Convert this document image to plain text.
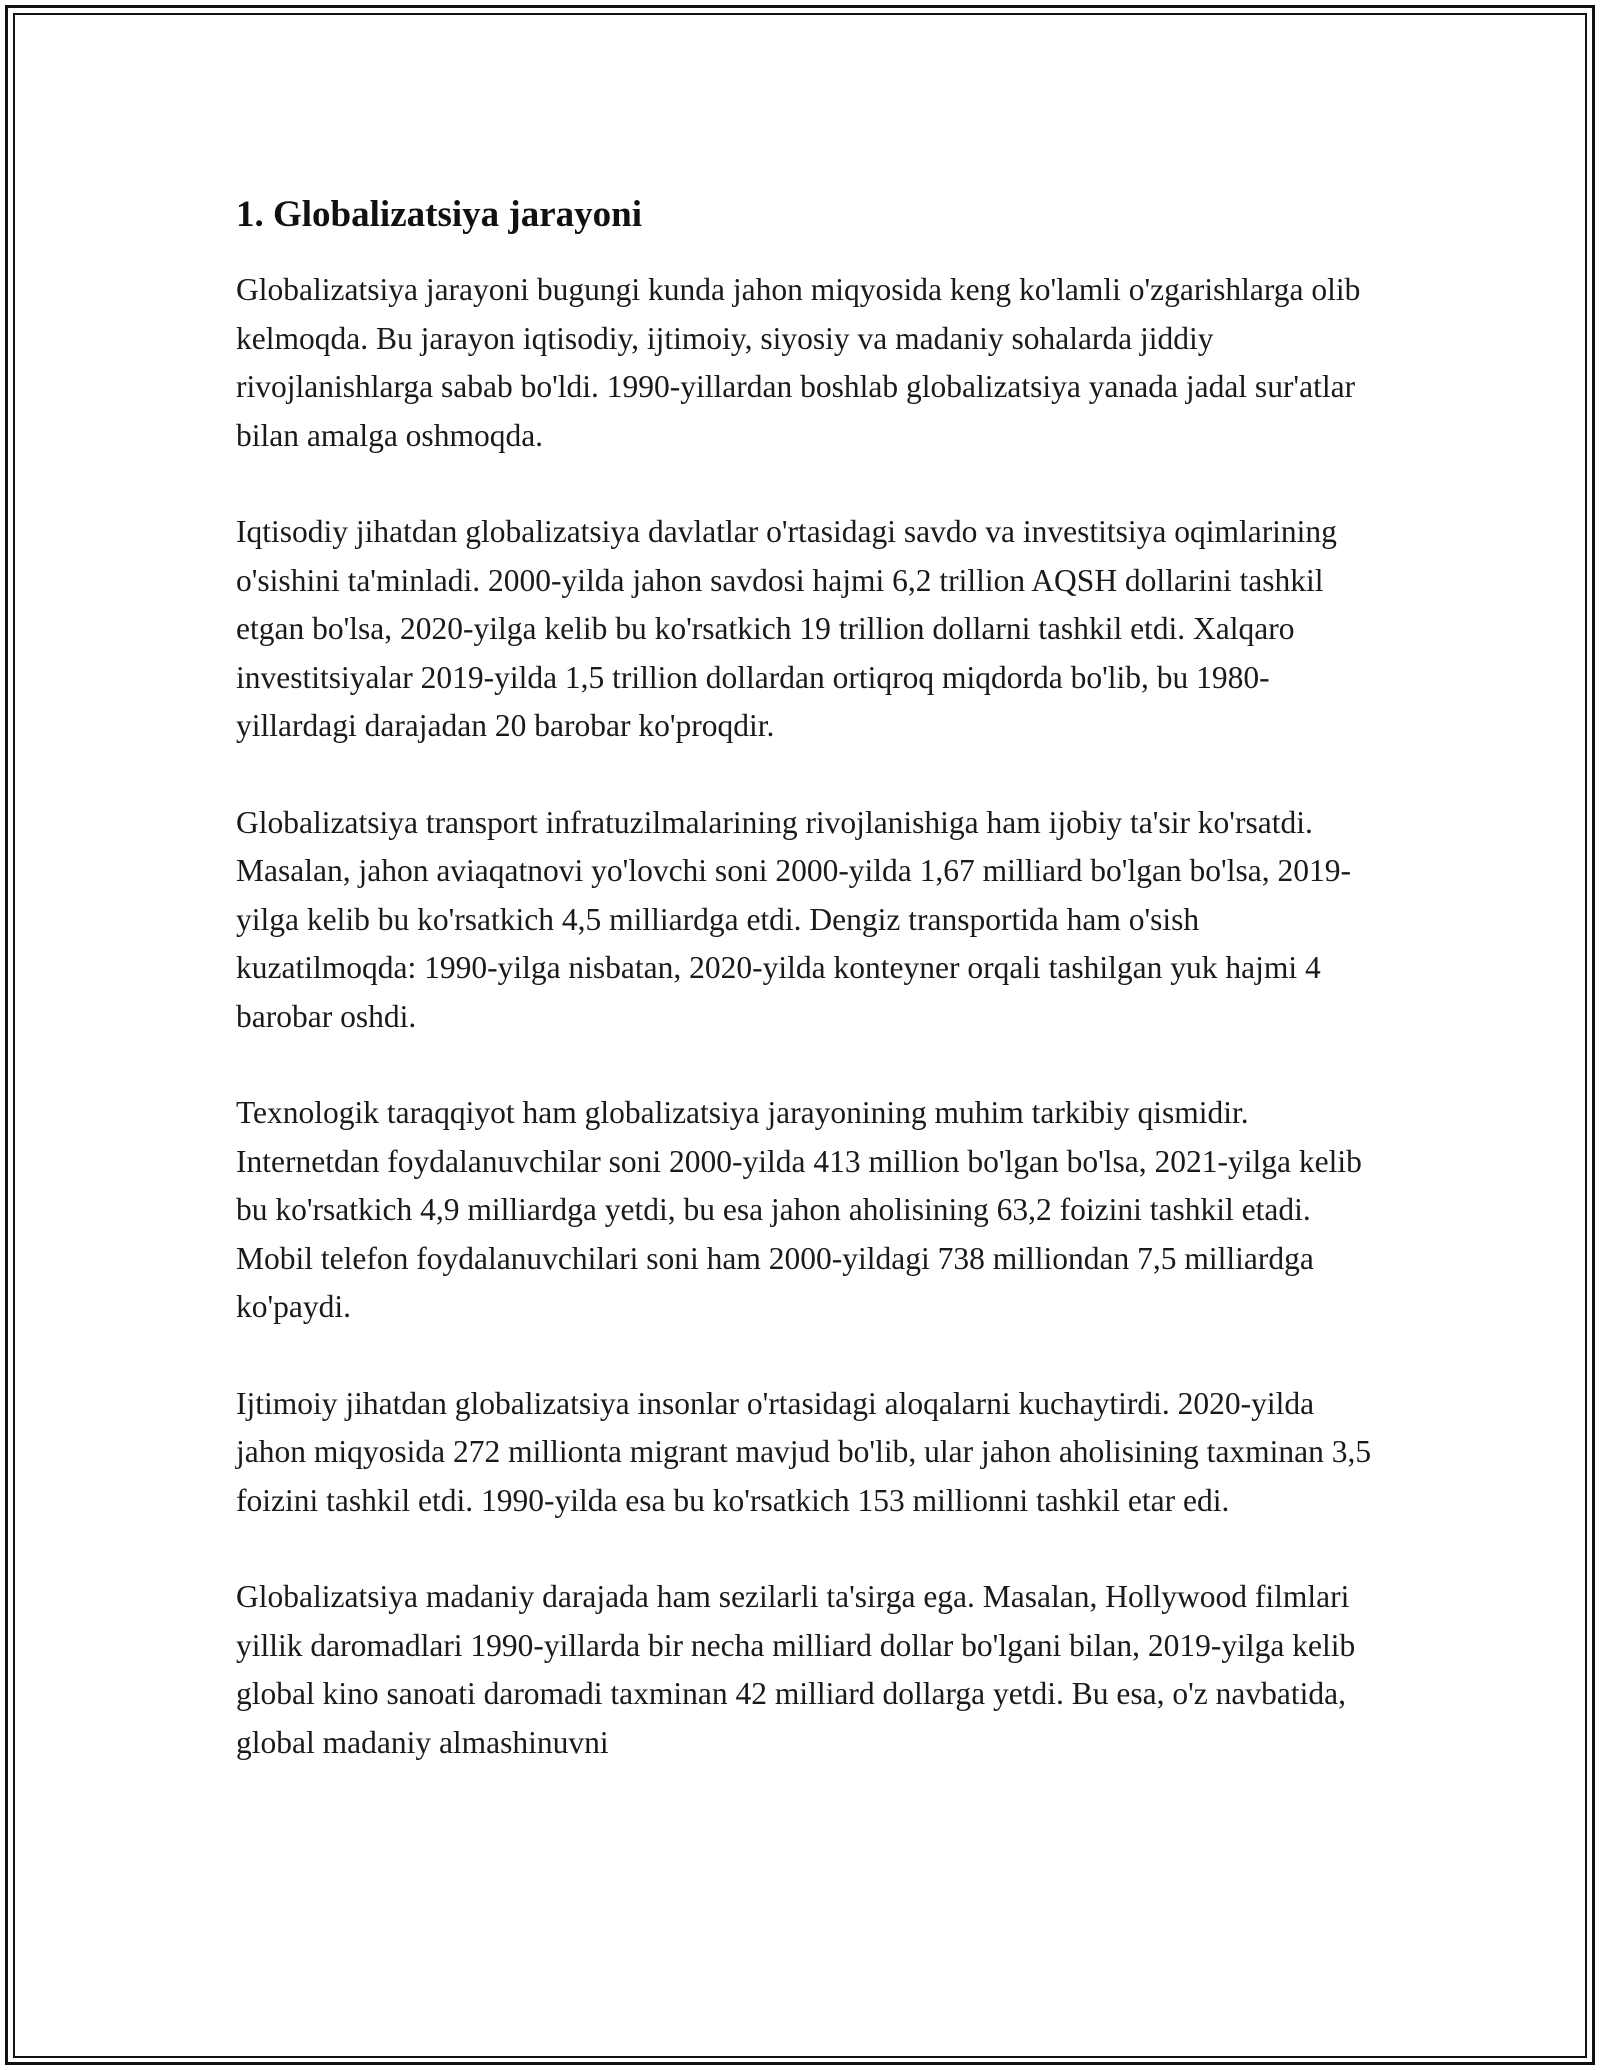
1. Globalizatsiya jarayoni

Globalizatsiya jarayoni bugungi kunda jahon miqyosida keng ko'lamli o'zgarishlarga olib kelmoqda. Bu jarayon iqtisodiy, ijtimoiy, siyosiy va madaniy sohalarda jiddiy rivojlanishlarga sabab bo'ldi. 1990-yillardan boshlab globalizatsiya yanada jadal sur'atlar bilan amalga oshmoqda.

Iqtisodiy jihatdan globalizatsiya davlatlar o'rtasidagi savdo va investitsiya oqimlarining o'sishini ta'minladi. 2000-yilda jahon savdosi hajmi 6,2 trillion AQSH dollarini tashkil etgan bo'lsa, 2020-yilga kelib bu ko'rsatkich 19 trillion dollarni tashkil etdi. Xalqaro investitsiyalar 2019-yilda 1,5 trillion dollardan ortiqroq miqdorda bo'lib, bu 1980-yillardagi darajadan 20 barobar ko'proqdir.

Globalizatsiya transport infratuzilmalarining rivojlanishiga ham ijobiy ta'sir ko'rsatdi. Masalan, jahon aviaqatnovi yo'lovchi soni 2000-yilda 1,67 milliard bo'lgan bo'lsa, 2019-yilga kelib bu ko'rsatkich 4,5 milliardga etdi. Dengiz transportida ham o'sish kuzatilmoqda: 1990-yilga nisbatan, 2020-yilda konteyner orqali tashilgan yuk hajmi 4 barobar oshdi.

Texnologik taraqqiyot ham globalizatsiya jarayonining muhim tarkibiy qismidir. Internetdan foydalanuvchilar soni 2000-yilda 413 million bo'lgan bo'lsa, 2021-yilga kelib bu ko'rsatkich 4,9 milliardga yetdi, bu esa jahon aholisining 63,2 foizini tashkil etadi. Mobil telefon foydalanuvchilari soni ham 2000-yildagi 738 milliondan 7,5 milliardga ko'paydi.

Ijtimoiy jihatdan globalizatsiya insonlar o'rtasidagi aloqalarni kuchaytirdi. 2020-yilda jahon miqyosida 272 millionta migrant mavjud bo'lib, ular jahon aholisining taxminan 3,5 foizini tashkil etdi. 1990-yilda esa bu ko'rsatkich 153 millionni tashkil etar edi.

Globalizatsiya madaniy darajada ham sezilarli ta'sirga ega. Masalan, Hollywood filmlari yillik daromadlari 1990-yillarda bir necha milliard dollar bo'lgani bilan, 2019-yilga kelib global kino sanoati daromadi taxminan 42 milliard dollarga yetdi. Bu esa, o'z navbatida, global madaniy almashinuvni
